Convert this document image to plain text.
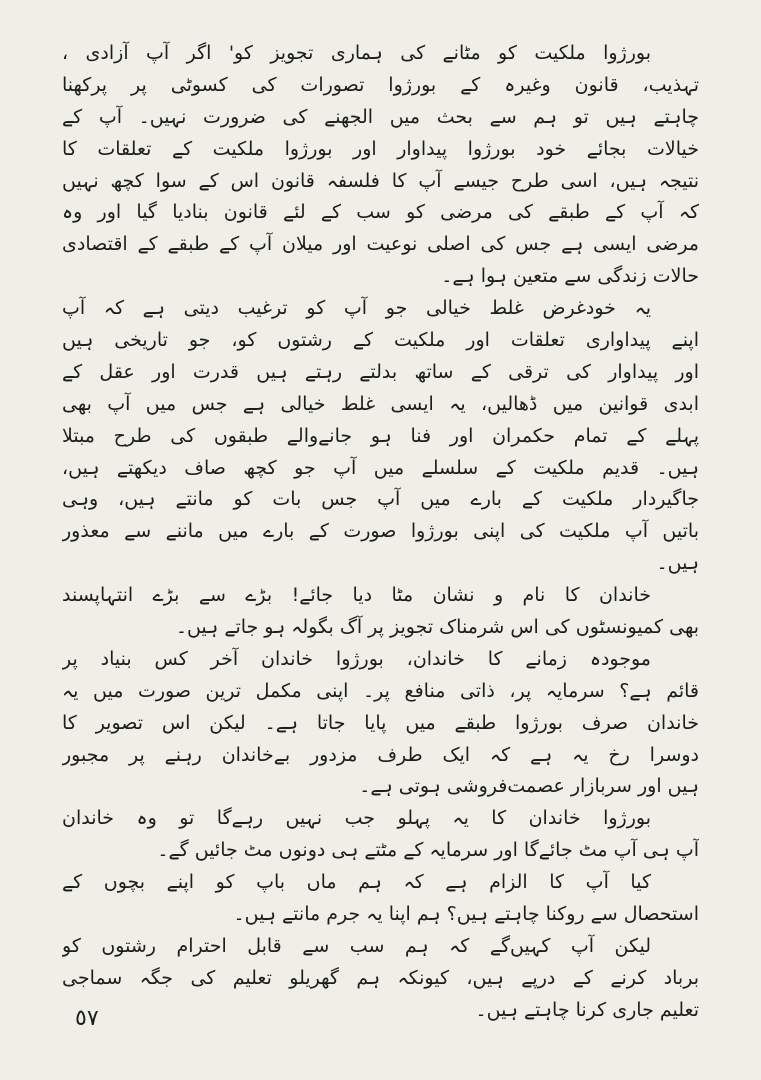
بورژوا ملکیت کو مٹانے کی ہماری تجویز کو' اگر آپ آزادی ،
تہذیب، قانون وغیرہ کے بورژوا تصورات کی کسوٹی پر پرکھنا
چاہتے ہیں تو ہم سے بحث میں الجھنے کی ضرورت نہیں۔ آپ کے
خیالات بجائے خود بورژوا پیداوار اور بورژوا ملکیت کے تعلقات کا
نتیجہ ہیں، اسی طرح جیسے آپ کا فلسفہ قانون اس کے سوا کچھ نہیں
کہ آپ کے طبقے کی مرضی کو سب کے لئے قانون بنادیا گیا اور وہ
مرضی ایسی ہے جس کی اصلی نوعیت اور میلان آپ کے طبقے کے اقتصادی
حالات زندگی سے متعین ہوا ہے۔
یہ خودغرض غلط خیالی جو آپ کو ترغیب دیتی ہے کہ آپ
اپنے پیداواری تعلقات اور ملکیت کے رشتوں کو، جو تاریخی ہیں
اور پیداوار کی ترقی کے ساتھ بدلتے رہتے ہیں قدرت اور عقل کے
ابدی قوانین میں ڈھالیں، یہ ایسی غلط خیالی ہے جس میں آپ بھی
پہلے کے تمام حکمران اور فنا ہو جانےوالے طبقوں کی طرح مبتلا
ہیں۔ قدیم ملکیت کے سلسلے میں آپ جو کچھ صاف دیکھتے ہیں،
جاگیردار ملکیت کے بارے میں آپ جس بات کو مانتے ہیں، وہی
باتیں آپ ملکیت کی اپنی بورژوا صورت کے بارے میں ماننے سے معذور
ہیں۔
خاندان کا نام و نشان مٹا دیا جائے! بڑے سے بڑے انتہاپسند
بھی کمیونسٹوں کی اس شرمناک تجویز پر آگ بگولہ ہو جاتے ہیں۔
موجودہ زمانے کا خاندان، بورژوا خاندان آخر کس بنیاد پر
قائم ہے؟ سرمایہ پر، ذاتی منافع پر۔ اپنی مکمل ترین صورت میں یہ
خاندان صرف بورژوا طبقے میں پایا جاتا ہے۔ لیکن اس تصویر کا
دوسرا رخ یہ ہے کہ ایک طرف مزدور بےخاندان رہنے پر مجبور
ہیں اور سربازار عصمت‌فروشی ہوتی ہے۔
بورژوا خاندان کا یہ پہلو جب نہیں رہےگا تو وہ خاندان
آپ ہی آپ مٹ جائےگا اور سرمایہ کے مٹتے ہی دونوں مٹ جائیں گے۔
کیا آپ کا الزام ہے کہ ہم ماں باپ کو اپنے بچوں کے
استحصال سے روکنا چاہتے ہیں؟ ہم اپنا یہ جرم مانتے ہیں۔
لیکن آپ کہیں‌گے کہ ہم سب سے قابل احترام رشتوں کو
برباد کرنے کے درپے ہیں، کیونکہ ہم گھریلو تعلیم کی جگہ سماجی
تعلیم جاری کرنا چاہتے ہیں۔
٥٧
